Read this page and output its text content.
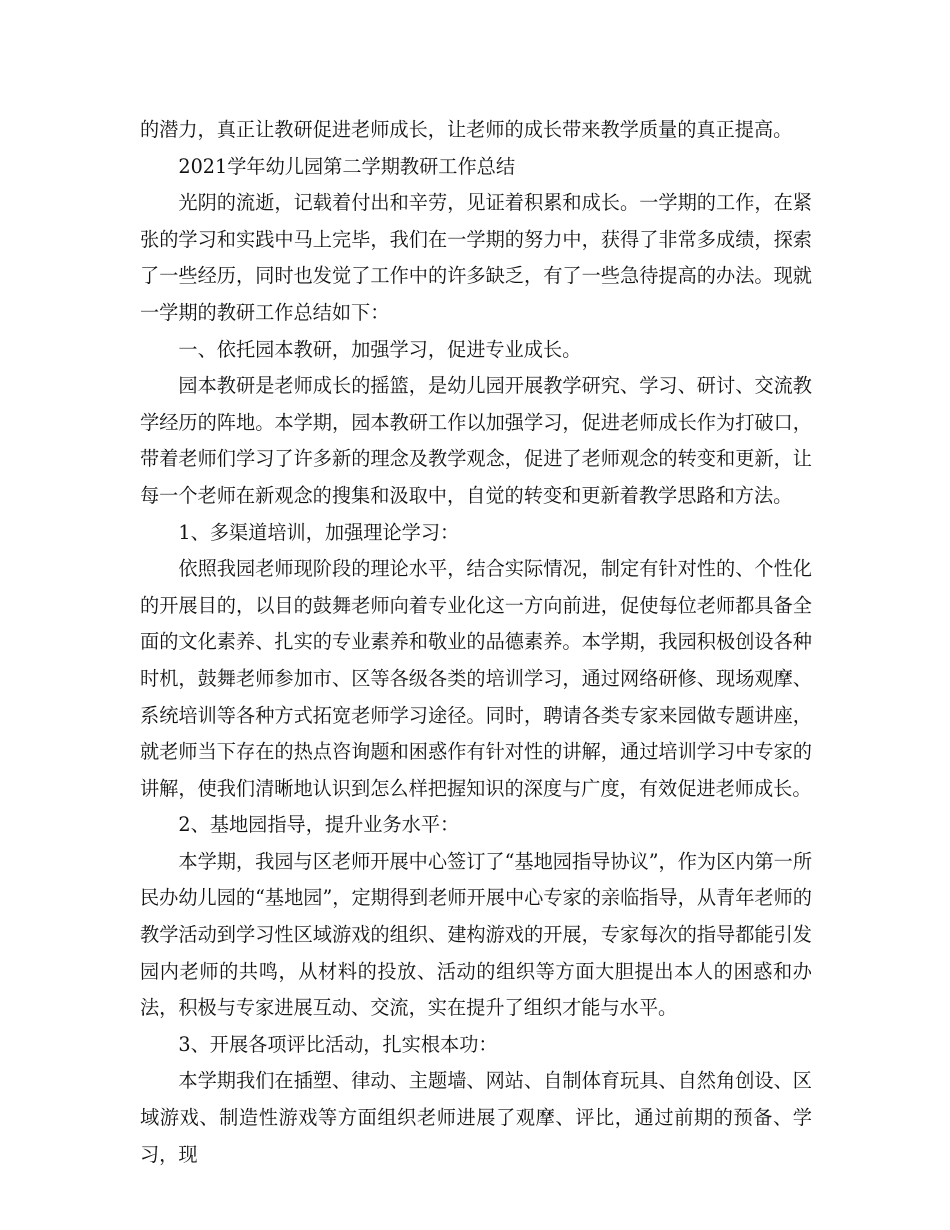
的潜力，真正让教研促进老师成长，让老师的成长带来教学质量的真正提高。

2021学年幼儿园第二学期教研工作总结

光阴的流逝，记载着付出和辛劳，见证着积累和成长。一学期的工作，在紧张的学习和实践中马上完毕，我们在一学期的努力中，获得了非常多成绩，探索了一些经历，同时也发觉了工作中的许多缺乏，有了一些急待提高的办法。现就一学期的教研工作总结如下：

一、依托园本教研，加强学习，促进专业成长。

园本教研是老师成长的摇篮，是幼儿园开展教学研究、学习、研讨、交流教学经历的阵地。本学期，园本教研工作以加强学习，促进老师成长作为打破口，带着老师们学习了许多新的理念及教学观念，促进了老师观念的转变和更新，让每一个老师在新观念的搜集和汲取中，自觉的转变和更新着教学思路和方法。

1、多渠道培训，加强理论学习：

依照我园老师现阶段的理论水平，结合实际情况，制定有针对性的、个性化的开展目的，以目的鼓舞老师向着专业化这一方向前进，促使每位老师都具备全面的文化素养、扎实的专业素养和敬业的品德素养。本学期，我园积极创设各种时机，鼓舞老师参加市、区等各级各类的培训学习，通过网络研修、现场观摩、系统培训等各种方式拓宽老师学习途径。同时，聘请各类专家来园做专题讲座，就老师当下存在的热点咨询题和困惑作有针对性的讲解，通过培训学习中专家的讲解，使我们清晰地认识到怎么样把握知识的深度与广度，有效促进老师成长。

2、基地园指导，提升业务水平：

本学期，我园与区老师开展中心签订了“基地园指导协议”，作为区内第一所民办幼儿园的“基地园”，定期得到老师开展中心专家的亲临指导，从青年老师的教学活动到学习性区域游戏的组织、建构游戏的开展，专家每次的指导都能引发园内老师的共鸣，从材料的投放、活动的组织等方面大胆提出本人的困惑和办法，积极与专家进展互动、交流，实在提升了组织才能与水平。

3、开展各项评比活动，扎实根本功：

本学期我们在插塑、律动、主题墙、网站、自制体育玩具、自然角创设、区域游戏、制造性游戏等方面组织老师进展了观摩、评比，通过前期的预备、学习，现
